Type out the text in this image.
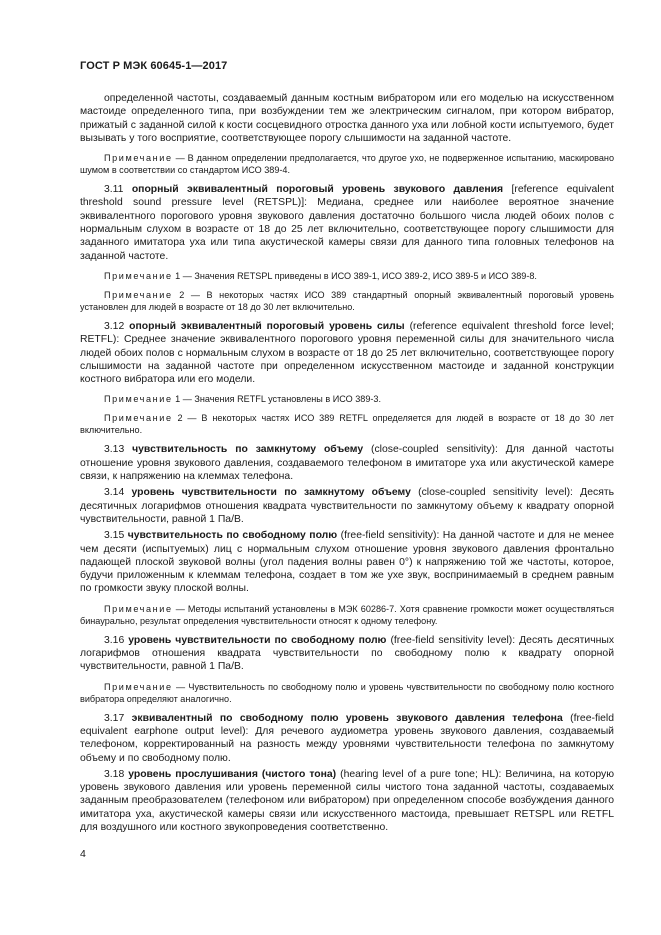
ГОСТ Р МЭК 60645-1—2017

определенной частоты, создаваемый данным костным вибратором или его моделью на искусственном мастоиде определенного типа, при возбуждении тем же электрическим сигналом, при котором вибратор, прижатый с заданной силой к кости сосцевидного отростка данного уха или лобной кости испытуемого, будет вызывать у того восприятие, соответствующее порогу слышимости на заданной частоте.

Примечание — В данном определении предполагается, что другое ухо, не подверженное испытанию, маскировано шумом в соответствии со стандартом ИСО 389-4.

3.11 опорный эквивалентный пороговый уровень звукового давления [reference equivalent threshold sound pressure level (RETSPL)]: Медиана, среднее или наиболее вероятное значение эквивалентного порогового уровня звукового давления достаточно большого числа людей обоих полов с нормальным слухом в возрасте от 18 до 25 лет включительно, соответствующее порогу слышимости для заданного имитатора уха или типа акустической камеры связи для данного типа головных телефонов на заданной частоте.

Примечание 1 — Значения RETSPL приведены в ИСО 389-1, ИСО 389-2, ИСО 389-5 и ИСО 389-8.

Примечание 2 — В некоторых частях ИСО 389 стандартный опорный эквивалентный пороговый уровень установлен для людей в возрасте от 18 до 30 лет включительно.

3.12 опорный эквивалентный пороговый уровень силы (reference equivalent threshold force level; RETFL): Среднее значение эквивалентного порогового уровня переменной силы для значительного числа людей обоих полов с нормальным слухом в возрасте от 18 до 25 лет включительно, соответствующее порогу слышимости на заданной частоте при определенном искусственном мастоиде и заданной конструкции костного вибратора или его модели.

Примечание 1 — Значения RETFL установлены в ИСО 389-3.

Примечание 2 — В некоторых частях ИСО 389 RETFL определяется для людей в возрасте от 18 до 30 лет включительно.

3.13 чувствительность по замкнутому объему (close-coupled sensitivity): Для данной частоты отношение уровня звукового давления, создаваемого телефоном в имитаторе уха или акустической камере связи, к напряжению на клеммах телефона.

3.14 уровень чувствительности по замкнутому объему (close-coupled sensitivity level): Десять десятичных логарифмов отношения квадрата чувствительности по замкнутому объему к квадрату опорной чувствительности, равной 1 Па/В.

3.15 чувствительность по свободному полю (free-field sensitivity): На данной частоте и для не менее чем десяти (испытуемых) лиц с нормальным слухом отношение уровня звукового давления фронтально падающей плоской звуковой волны (угол падения волны равен 0°) к напряжению той же частоты, которое, будучи приложенным к клеммам телефона, создает в том же ухе звук, воспринимаемый в среднем равным по громкости звуку плоской волны.

Примечание — Методы испытаний установлены в МЭК 60286-7. Хотя сравнение громкости может осуществляться бинаурально, результат определения чувствительности относят к одному телефону.

3.16 уровень чувствительности по свободному полю (free-field sensitivity level): Десять десятичных логарифмов отношения квадрата чувствительности по свободному полю к квадрату опорной чувствительности, равной 1 Па/В.

Примечание — Чувствительность по свободному полю и уровень чувствительности по свободному полю костного вибратора определяют аналогично.

3.17 эквивалентный по свободному полю уровень звукового давления телефона (free-field equivalent earphone output level): Для речевого аудиометра уровень звукового давления, создаваемый телефоном, корректированный на разность между уровнями чувствительности телефона по замкнутому объему и по свободному полю.

3.18 уровень прослушивания (чистого тона) (hearing level of a pure tone; HL): Величина, на которую уровень звукового давления или уровень переменной силы чистого тона заданной частоты, создаваемых заданным преобразователем (телефоном или вибратором) при определенном способе возбуждения данного имитатора уха, акустической камеры связи или искусственного мастоида, превышает RETSPL или RETFL для воздушного или костного звукопроведения соответственно.

4
